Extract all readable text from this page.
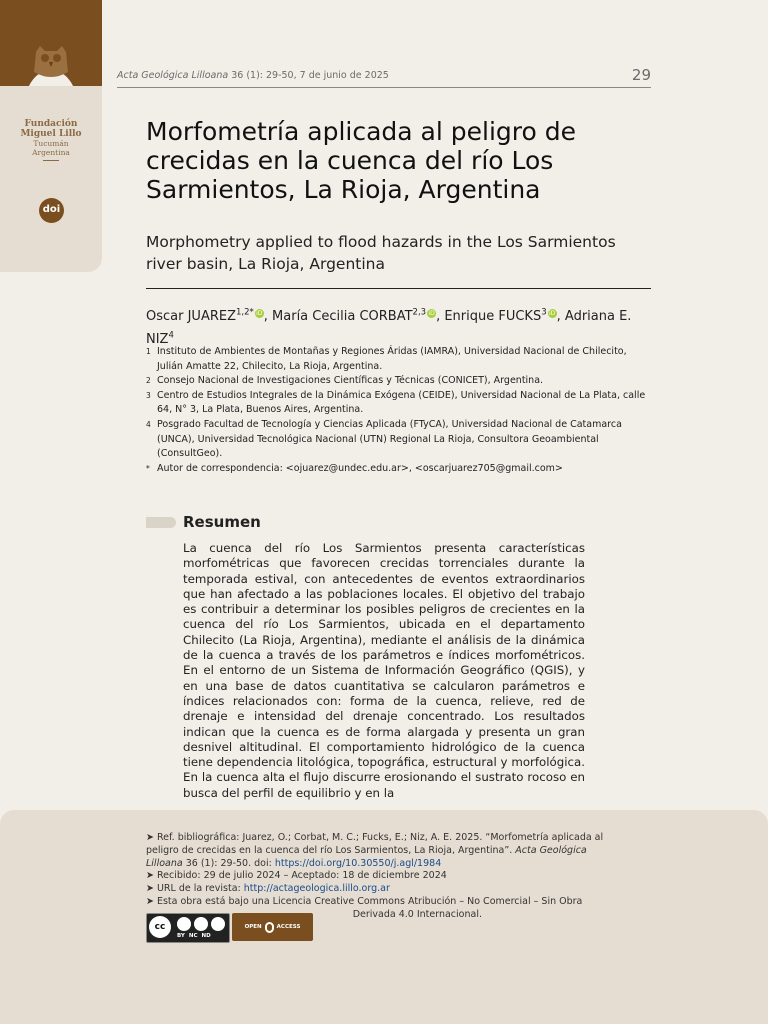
Fundación
Miguel Lillo
Tucumán
Argentina
doi
Acta Geológica Lilloana 36 (1): 29-50, 7 de junio de 2025	29
Morfometría aplicada al peligro de crecidas en la cuenca del río Los Sarmientos, La Rioja, Argentina

Morphometry applied to flood hazards in the Los Sarmientos river basin, La Rioja, Argentina

Oscar $JUAREZ^{1,2*}$ iD, María Cecilia CORBAT$^{2,3}$ iD, Enrique FUCKS$^3$ iD, Adriana E. NIZ$^4$
1 Instituto de Ambientes de Montañas y Regiones Áridas (IAMRA), Universidad Nacional de Chilecito, Julián Amatte 22, Chilecito, La Rioja, Argentina.
2 Consejo Nacional de Investigaciones Científicas y Técnicas (CONICET), Argentina.
3 Centro de Estudios Integrales de la Dinámica Exógena (CEIDE), Universidad Nacional de La Plata, calle 64, N° 3, La Plata, Buenos Aires, Argentina.
4 Posgrado Facultad de Tecnología y Ciencias Aplicada (FTyCA), Universidad Nacional de Catamarca (UNCA), Universidad Tecnológica Nacional (UTN) Regional La Rioja, Consultora Geoambiental (ConsultGeo).
* Autor de correspondencia: <ojuarez@undec.edu.ar>, <oscarjuarez705@gmail.com>
Resumen

La cuenca del río Los Sarmientos presenta características morfométricas que favorecen crecidas torrenciales durante la temporada estival, con antecedentes de eventos extraordinarios que han afectado a las poblaciones locales. El objetivo del trabajo es contribuir a determinar los posibles peligros de crecientes en la cuenca del río Los Sarmientos, ubicada en el departamento Chilecito (La Rioja, Argentina), mediante el análisis de la dinámica de la cuenca a través de los parámetros e índices morfométricos. En el entorno de un Sistema de Información Geográfico (QGIS), y en una base de datos cuantitativa se calcularon parámetros e índices relacionados con: forma de la cuenca, relieve, red de drenaje e intensidad del drenaje concentrado. Los resultados indican que la cuenca es de forma alargada y presenta un gran desnivel altitudinal. El comportamiento hidrológico de la cuenca tiene dependencia litológica, topográfica, estructural y morfológica. En la cuenca alta el flujo discurre erosionando el sustrato rocoso en busca del perfil de equilibrio y en la

➤ Ref. bibliográfica: Juarez, O.; Corbat, M. C.; Fucks, E.; Niz, A. E. 2025. “Morfometría aplicada al peligro de crecidas en la cuenca del río Los Sarmientos, La Rioja, Argentina”. Acta Geológica Lilloana 36 (1): 29-50. doi: https://doi.org/10.30550/j.agl/1984
➤ Recibido: 29 de julio 2024 – Aceptado: 18 de diciembre 2024
➤ URL de la revista: http://actageologica.lillo.org.ar
➤ Esta obra está bajo una Licencia Creative Commons Atribución – No Comercial – Sin Obra
Derivada 4.0 Internacional.
cc
BY NC ND
OPEN	ACCESS
